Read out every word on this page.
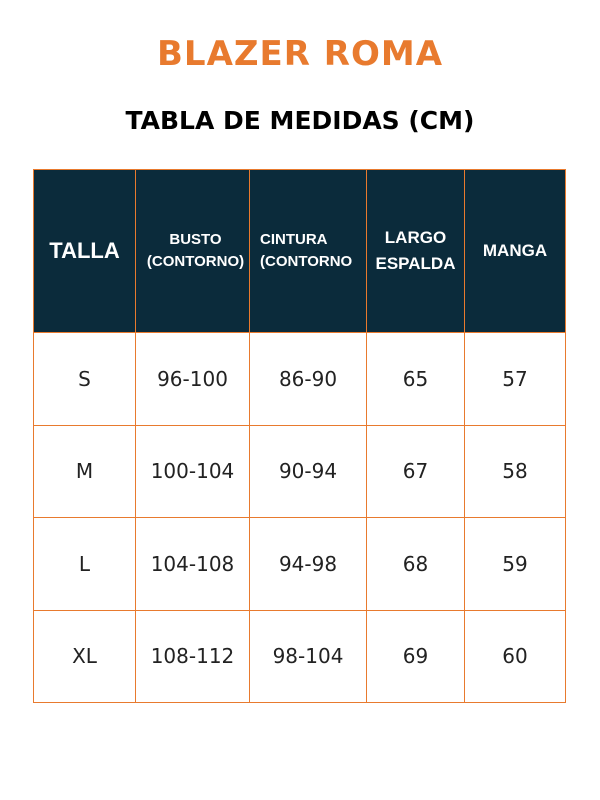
BLAZER ROMA
TABLA DE MEDIDAS (CM)
TALLA	BUSTO (CONTORNO)	CINTURA (CONTORNO	LARGO ESPALDA	MANGA
S	96-100	86-90	65	57
M	100-104	90-94	67	58
L	104-108	94-98	68	59
XL	108-112	98-104	69	60
